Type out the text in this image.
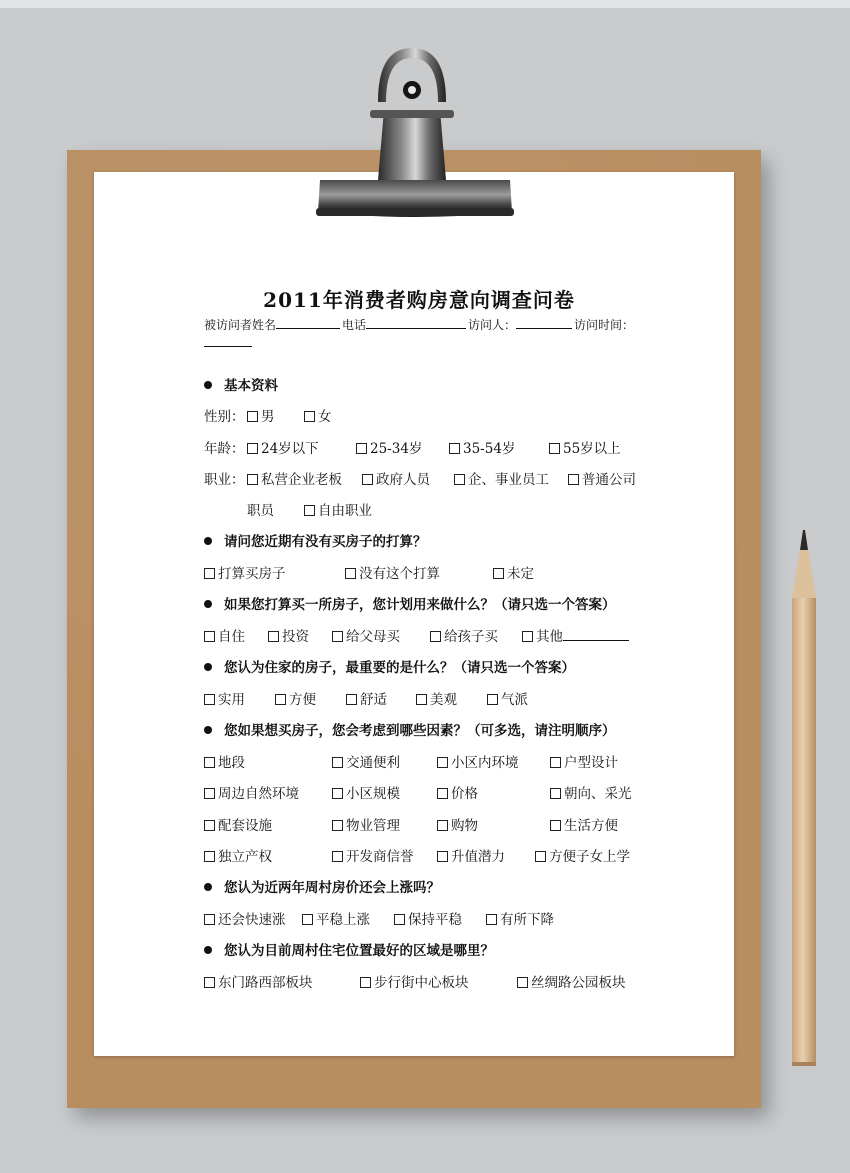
2011年消费者购房意向调查问卷
被访问者姓名	电话	访问人：	访问时间：
基本资料
性别：	男	女
年龄：	24岁以下	25-34岁	35-54岁	55岁以上
职业：	私营企业老板	政府人员	企、事业员工	普通公司
职员	自由职业
请问您近期有没有买房子的打算？
打算买房子	没有这个打算	未定
如果您打算买一所房子，您计划用来做什么？（请只选一个答案）
自住	投资	给父母买	给孩子买	其他
您认为住家的房子，最重要的是什么？（请只选一个答案）
实用	方便	舒适	美观	气派
您如果想买房子，您会考虑到哪些因素？（可多选，请注明顺序）
地段	交通便利	小区内环境	户型设计
周边自然环境	小区规模	价格	朝向、采光
配套设施	物业管理	购物	生活方便
独立产权	开发商信誉	升值潜力	方便子女上学
您认为近两年周村房价还会上涨吗？
还会快速涨	平稳上涨	保持平稳	有所下降
您认为目前周村住宅位置最好的区域是哪里？
东门路西部板块	步行街中心板块	丝绸路公园板块
